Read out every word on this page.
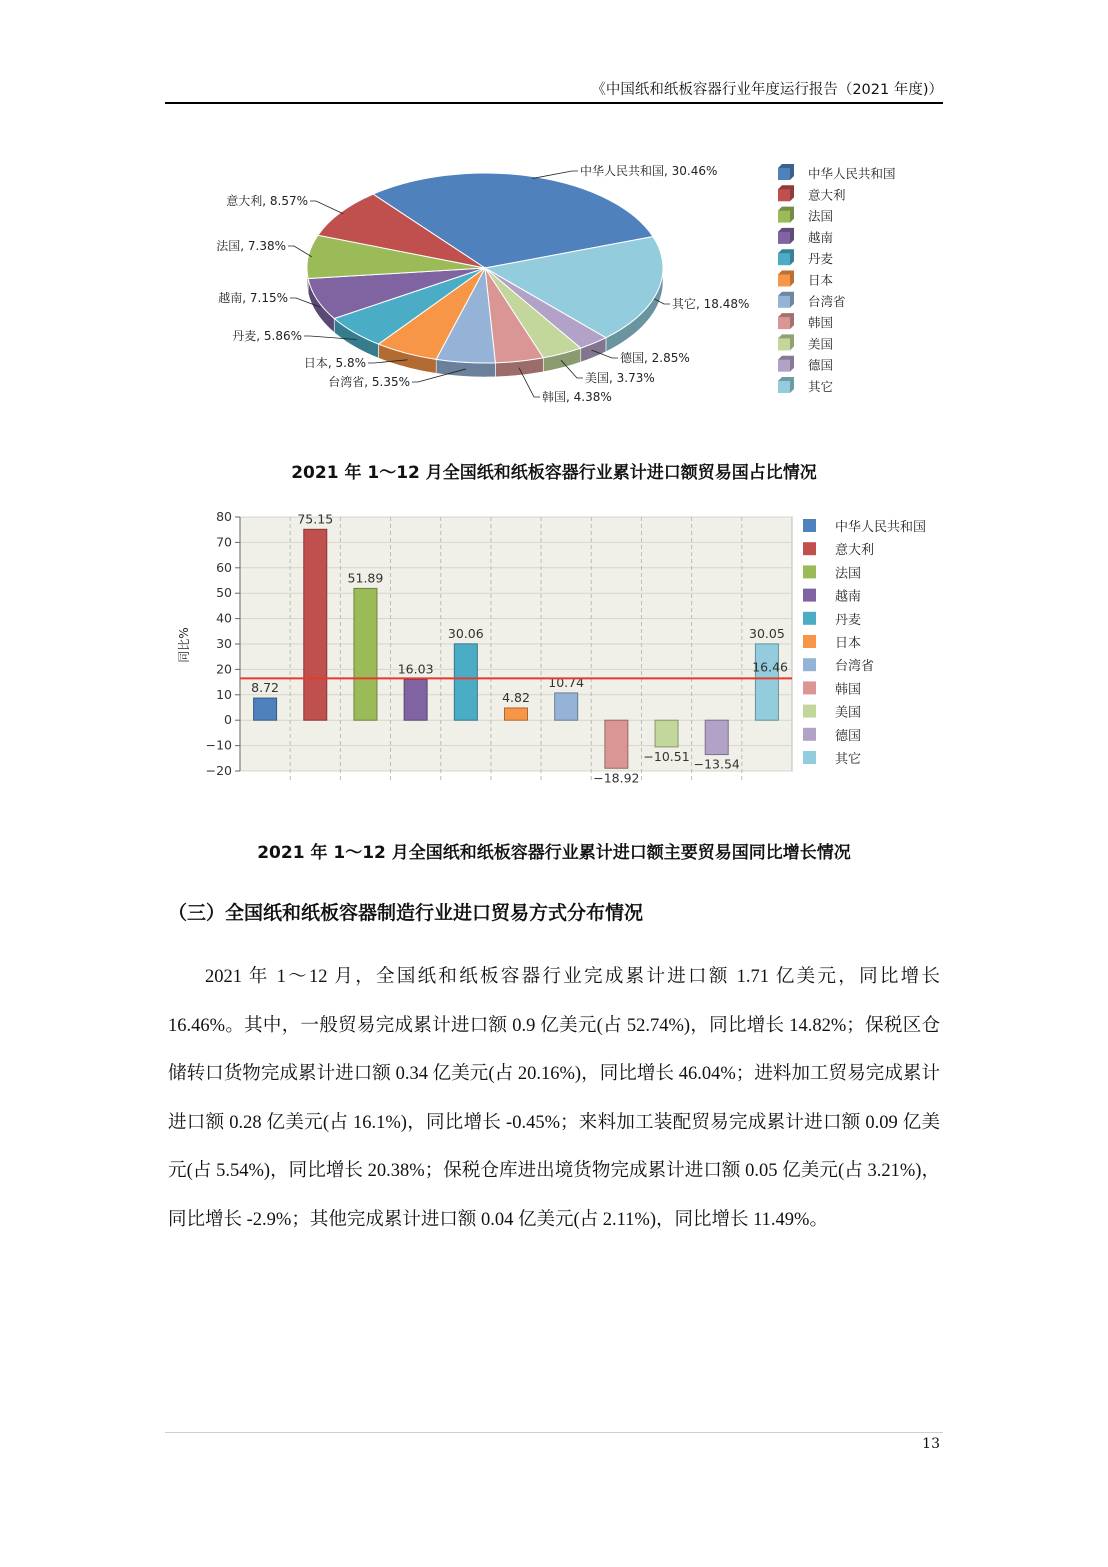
《中国纸和纸板容器行业年度运行报告（2021 年度)）
中华人民共和国, 30.46%
其它, 18.48%
德国, 2.85%
美国, 3.73%
韩国, 4.38%
台湾省, 5.35%
日本, 5.8%
丹麦, 5.86%
越南, 7.15%
法国, 7.38%
意大利, 8.57%
中华人民共和国
意大利
法国
越南
丹麦
日本
台湾省
韩国
美国
德国
其它
2021 年 1～12 月全国纸和纸板容器行业累计进口额贸易国占比情况
80
70
60
50
40
30
20
10
0
−10
−20
同比%
8.72
75.15
51.89
16.03
30.06
4.82
10.74
−18.92
−10.51
−13.54
30.05
16.46
中华人民共和国
意大利
法国
越南
丹麦
日本
台湾省
韩国
美国
德国
其它
2021 年 1～12 月全国纸和纸板容器行业累计进口额主要贸易国同比增长情况
（三）全国纸和纸板容器制造行业进口贸易方式分布情况
2021 年 1～12 月，全国纸和纸板容器行业完成累计进口额 1.71 亿美元，同比增长 16.46%。其中，一般贸易完成累计进口额 0.9 亿美元(占 52.74%)，同比增长 14.82%；保税区仓储转口货物完成累计进口额 0.34 亿美元(占 20.16%)，同比增长 46.04%；进料加工贸易完成累计进口额 0.28 亿美元(占 16.1%)，同比增长 -0.45%；来料加工装配贸易完成累计进口额 0.09 亿美元(占 5.54%)，同比增长 20.38%；保税仓库进出境货物完成累计进口额 0.05 亿美元(占 3.21%)，同比增长 -2.9%；其他完成累计进口额 0.04 亿美元(占 2.11%)，同比增长 11.49%。
13
